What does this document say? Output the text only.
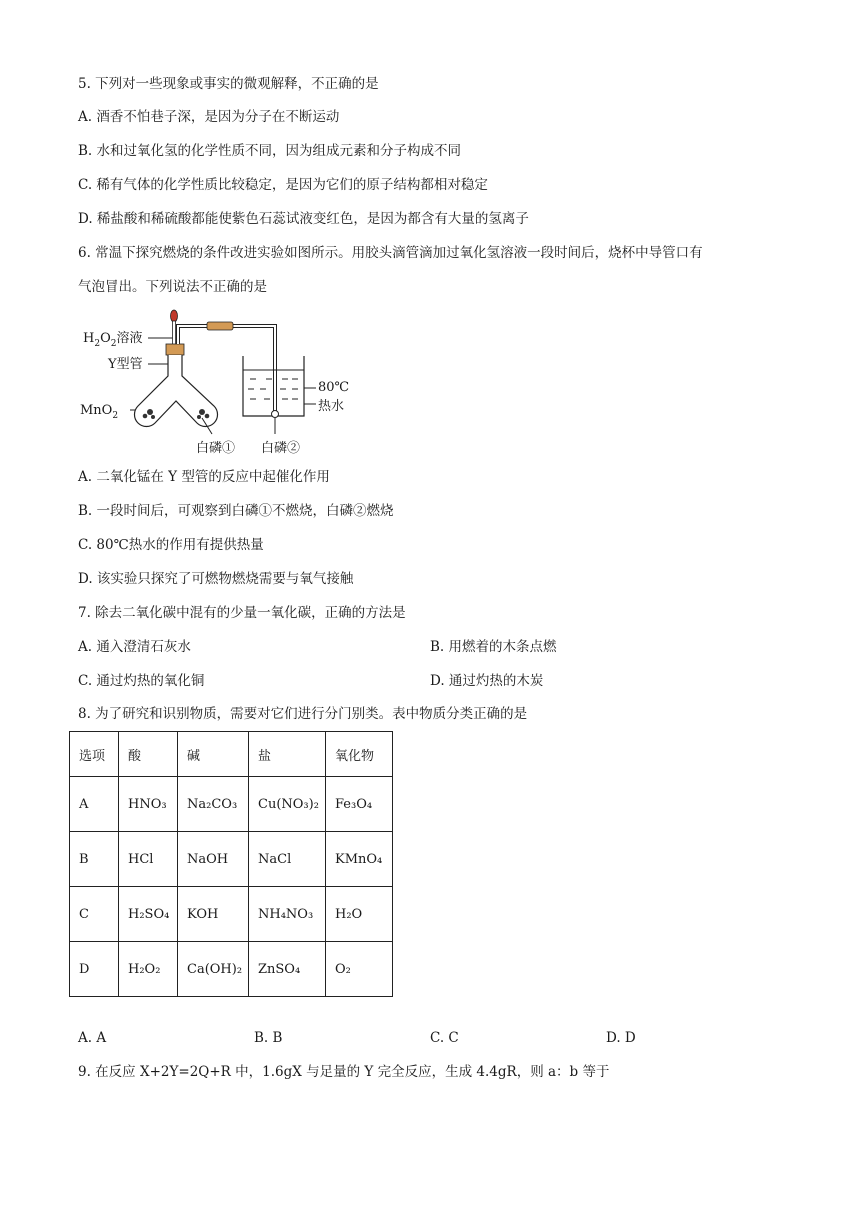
5. 下列对一些现象或事实的微观解释，不正确的是
A. 酒香不怕巷子深，是因为分子在不断运动
B. 水和过氧化氢的化学性质不同，因为组成元素和分子构成不同
C. 稀有气体的化学性质比较稳定，是因为它们的原子结构都相对稳定
D. 稀盐酸和稀硫酸都能使紫色石蕊试液变红色，是因为都含有大量的氢离子
6. 常温下探究燃烧的条件改进实验如图所示。用胶头滴管滴加过氧化氢溶液一段时间后，烧杯中导管口有
气泡冒出。下列说法不正确的是
$H_2O_2$溶液
Y型管
MnO$_2$
80℃
热水
白磷① 白磷②
A. 二氧化锰在 Y 型管的反应中起催化作用
B. 一段时间后，可观察到白磷①不燃烧，白磷②燃烧
C. 80℃热水的作用有提供热量
D. 该实验只探究了可燃物燃烧需要与氧气接触
7. 除去二氧化碳中混有的少量一氧化碳，正确的方法是
A. 通入澄清石灰水	B. 用燃着的木条点燃
C. 通过灼热的氧化铜	D. 通过灼热的木炭
8. 为了研究和识别物质，需要对它们进行分门别类。表中物质分类正确的是
选项	酸	碱	盐	氧化物
A	HNO₃	Na₂CO₃	Cu(NO₃)₂	Fe₃O₄
B	HCl	NaOH	NaCl	KMnO₄
C	H₂SO₄	KOH	NH₄NO₃	H₂O
D	H₂O₂	Ca(OH)₂	ZnSO₄	O₂
A. A	B. B	C. C	D. D
9. 在反应 X+2Y=2Q+R 中，1.6gX 与足量的 Y 完全反应，生成 4.4gR，则 a：b 等于
